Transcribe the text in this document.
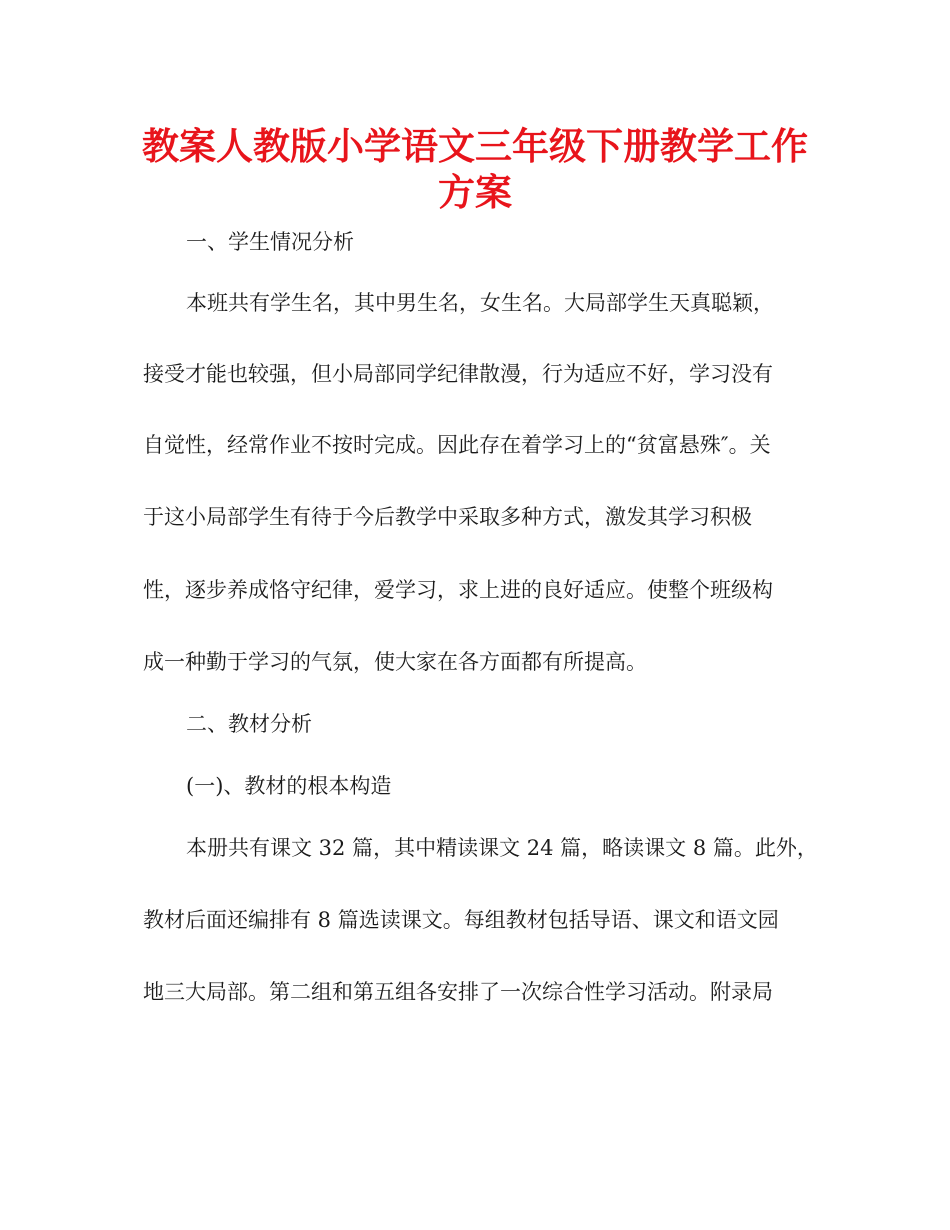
教案人教版小学语文三年级下册教学工作
方案

一、学生情况分析

本班共有学生名，其中男生名，女生名。大局部学生天真聪颖，

接受才能也较强，但小局部同学纪律散漫，行为适应不好，学习没有

自觉性，经常作业不按时完成。因此存在着学习上的“贫富悬殊″。关

于这小局部学生有待于今后教学中采取多种方式，激发其学习积极

性，逐步养成恪守纪律，爱学习，求上进的良好适应。使整个班级构

成一种勤于学习的气氛，使大家在各方面都有所提高。

二、教材分析

(一)、教材的根本构造

本册共有课文 32 篇，其中精读课文 24 篇，略读课文 8 篇。此外，

教材后面还编排有 8 篇选读课文。每组教材包括导语、课文和语文园

地三大局部。第二组和第五组各安排了一次综合性学习活动。附录局
